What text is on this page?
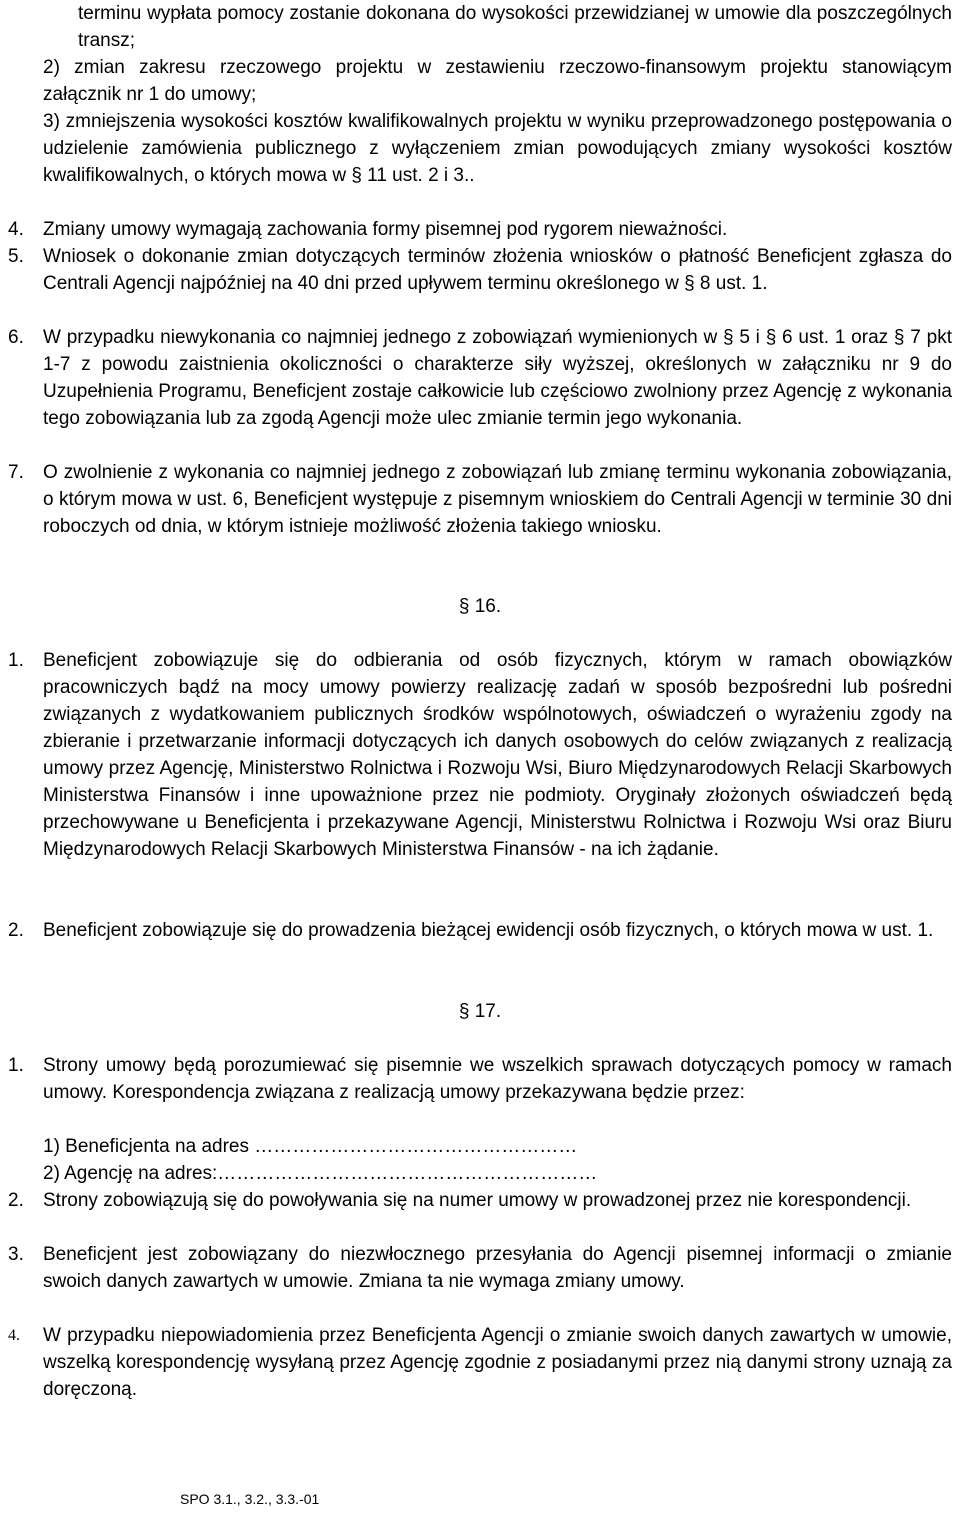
terminu wypłata pomocy zostanie dokonana do wysokości przewidzianej w umowie dla poszczególnych transz;
2) zmian zakresu rzeczowego projektu w zestawieniu rzeczowo-finansowym projektu stanowiącym załącznik nr 1 do umowy;
3) zmniejszenia wysokości kosztów kwalifikowalnych projektu w wyniku przeprowadzonego postępowania o udzielenie zamówienia publicznego z wyłączeniem zmian powodujących zmiany wysokości kosztów kwalifikowalnych, o których mowa w § 11 ust. 2 i 3..
4. Zmiany umowy wymagają zachowania formy pisemnej pod rygorem nieważności.
5. Wniosek o dokonanie zmian dotyczących terminów złożenia wniosków o płatność Beneficjent zgłasza do Centrali Agencji najpóźniej na 40 dni przed upływem terminu określonego w § 8 ust. 1.
6. W przypadku niewykonania co najmniej jednego z zobowiązań wymienionych w § 5 i § 6 ust. 1 oraz § 7 pkt 1-7 z powodu zaistnienia okoliczności o charakterze siły wyższej, określonych w załączniku nr 9 do Uzupełnienia Programu, Beneficjent zostaje całkowicie lub częściowo zwolniony przez Agencję z wykonania tego zobowiązania lub za zgodą Agencji może ulec zmianie termin jego wykonania.
7. O zwolnienie z wykonania co najmniej jednego z zobowiązań lub zmianę terminu wykonania zobowiązania, o którym mowa w ust. 6, Beneficjent występuje z pisemnym wnioskiem do Centrali Agencji w terminie 30 dni roboczych od dnia, w którym istnieje możliwość złożenia takiego wniosku.
§ 16.
1. Beneficjent zobowiązuje się do odbierania od osób fizycznych, którym w ramach obowiązków pracowniczych bądź na mocy umowy powierzy realizację zadań w sposób bezpośredni lub pośredni związanych z wydatkowaniem publicznych środków wspólnotowych, oświadczeń o wyrażeniu zgody na zbieranie i przetwarzanie informacji dotyczących ich danych osobowych do celów związanych z realizacją umowy przez Agencję, Ministerstwo Rolnictwa i Rozwoju Wsi, Biuro Międzynarodowych Relacji Skarbowych Ministerstwa Finansów i inne upoważnione przez nie podmioty. Oryginały złożonych oświadczeń będą przechowywane u Beneficjenta i przekazywane Agencji, Ministerstwu Rolnictwa i Rozwoju Wsi oraz Biuru Międzynarodowych Relacji Skarbowych Ministerstwa Finansów - na ich żądanie.
2. Beneficjent zobowiązuje się do prowadzenia bieżącej ewidencji osób fizycznych, o których mowa w ust. 1.
§ 17.
1. Strony umowy będą porozumiewać się pisemnie we wszelkich sprawach dotyczących pomocy w ramach umowy. Korespondencja związana z realizacją umowy przekazywana będzie przez:
1) Beneficjenta na adres ……………………………………………
2) Agencję na adres:……………………………………………………
2. Strony zobowiązują się do powoływania się na numer umowy w prowadzonej przez nie korespondencji.
3. Beneficjent jest zobowiązany do niezwłocznego przesyłania do Agencji pisemnej informacji o zmianie swoich danych zawartych w umowie. Zmiana ta nie wymaga zmiany umowy.
4. W przypadku niepowiadomienia przez Beneficjenta Agencji o zmianie swoich danych zawartych w umowie, wszelką korespondencję wysyłaną przez Agencję zgodnie z posiadanymi przez nią danymi strony uznają za doręczoną.
SPO 3.1., 3.2., 3.3.-01
